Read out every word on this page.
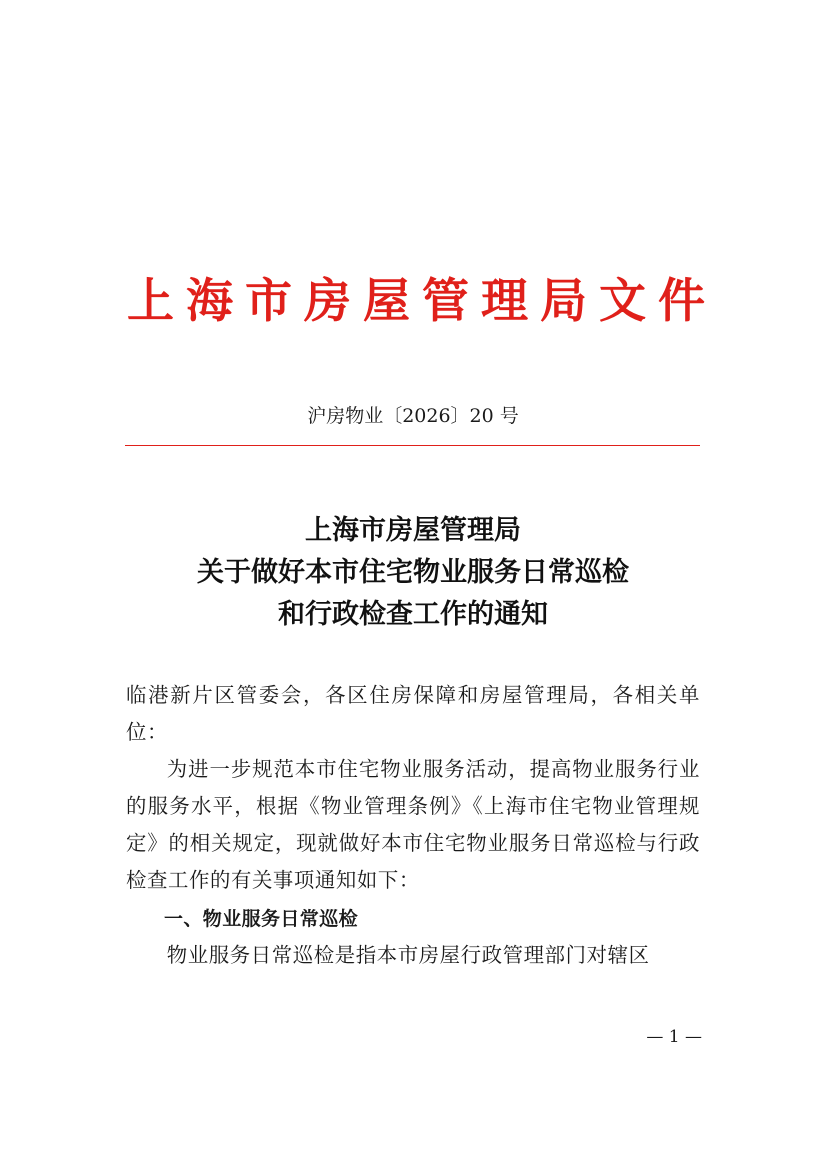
上 海 市 房 屋 管 理 局 文 件
沪房物业〔2026〕20 号
上海市房屋管理局
关于做好本市住宅物业服务日常巡检
和行政检查工作的通知

临港新片区管委会，各区住房保障和房屋管理局，各相关单位：

为进一步规范本市住宅物业服务活动，提高物业服务行业的服务水平，根据《物业管理条例》《上海市住宅物业管理规定》的相关规定，现就做好本市住宅物业服务日常巡检与行政检查工作的有关事项通知如下：

一、物业服务日常巡检

物业服务日常巡检是指本市房屋行政管理部门对辖区

— 1 —
